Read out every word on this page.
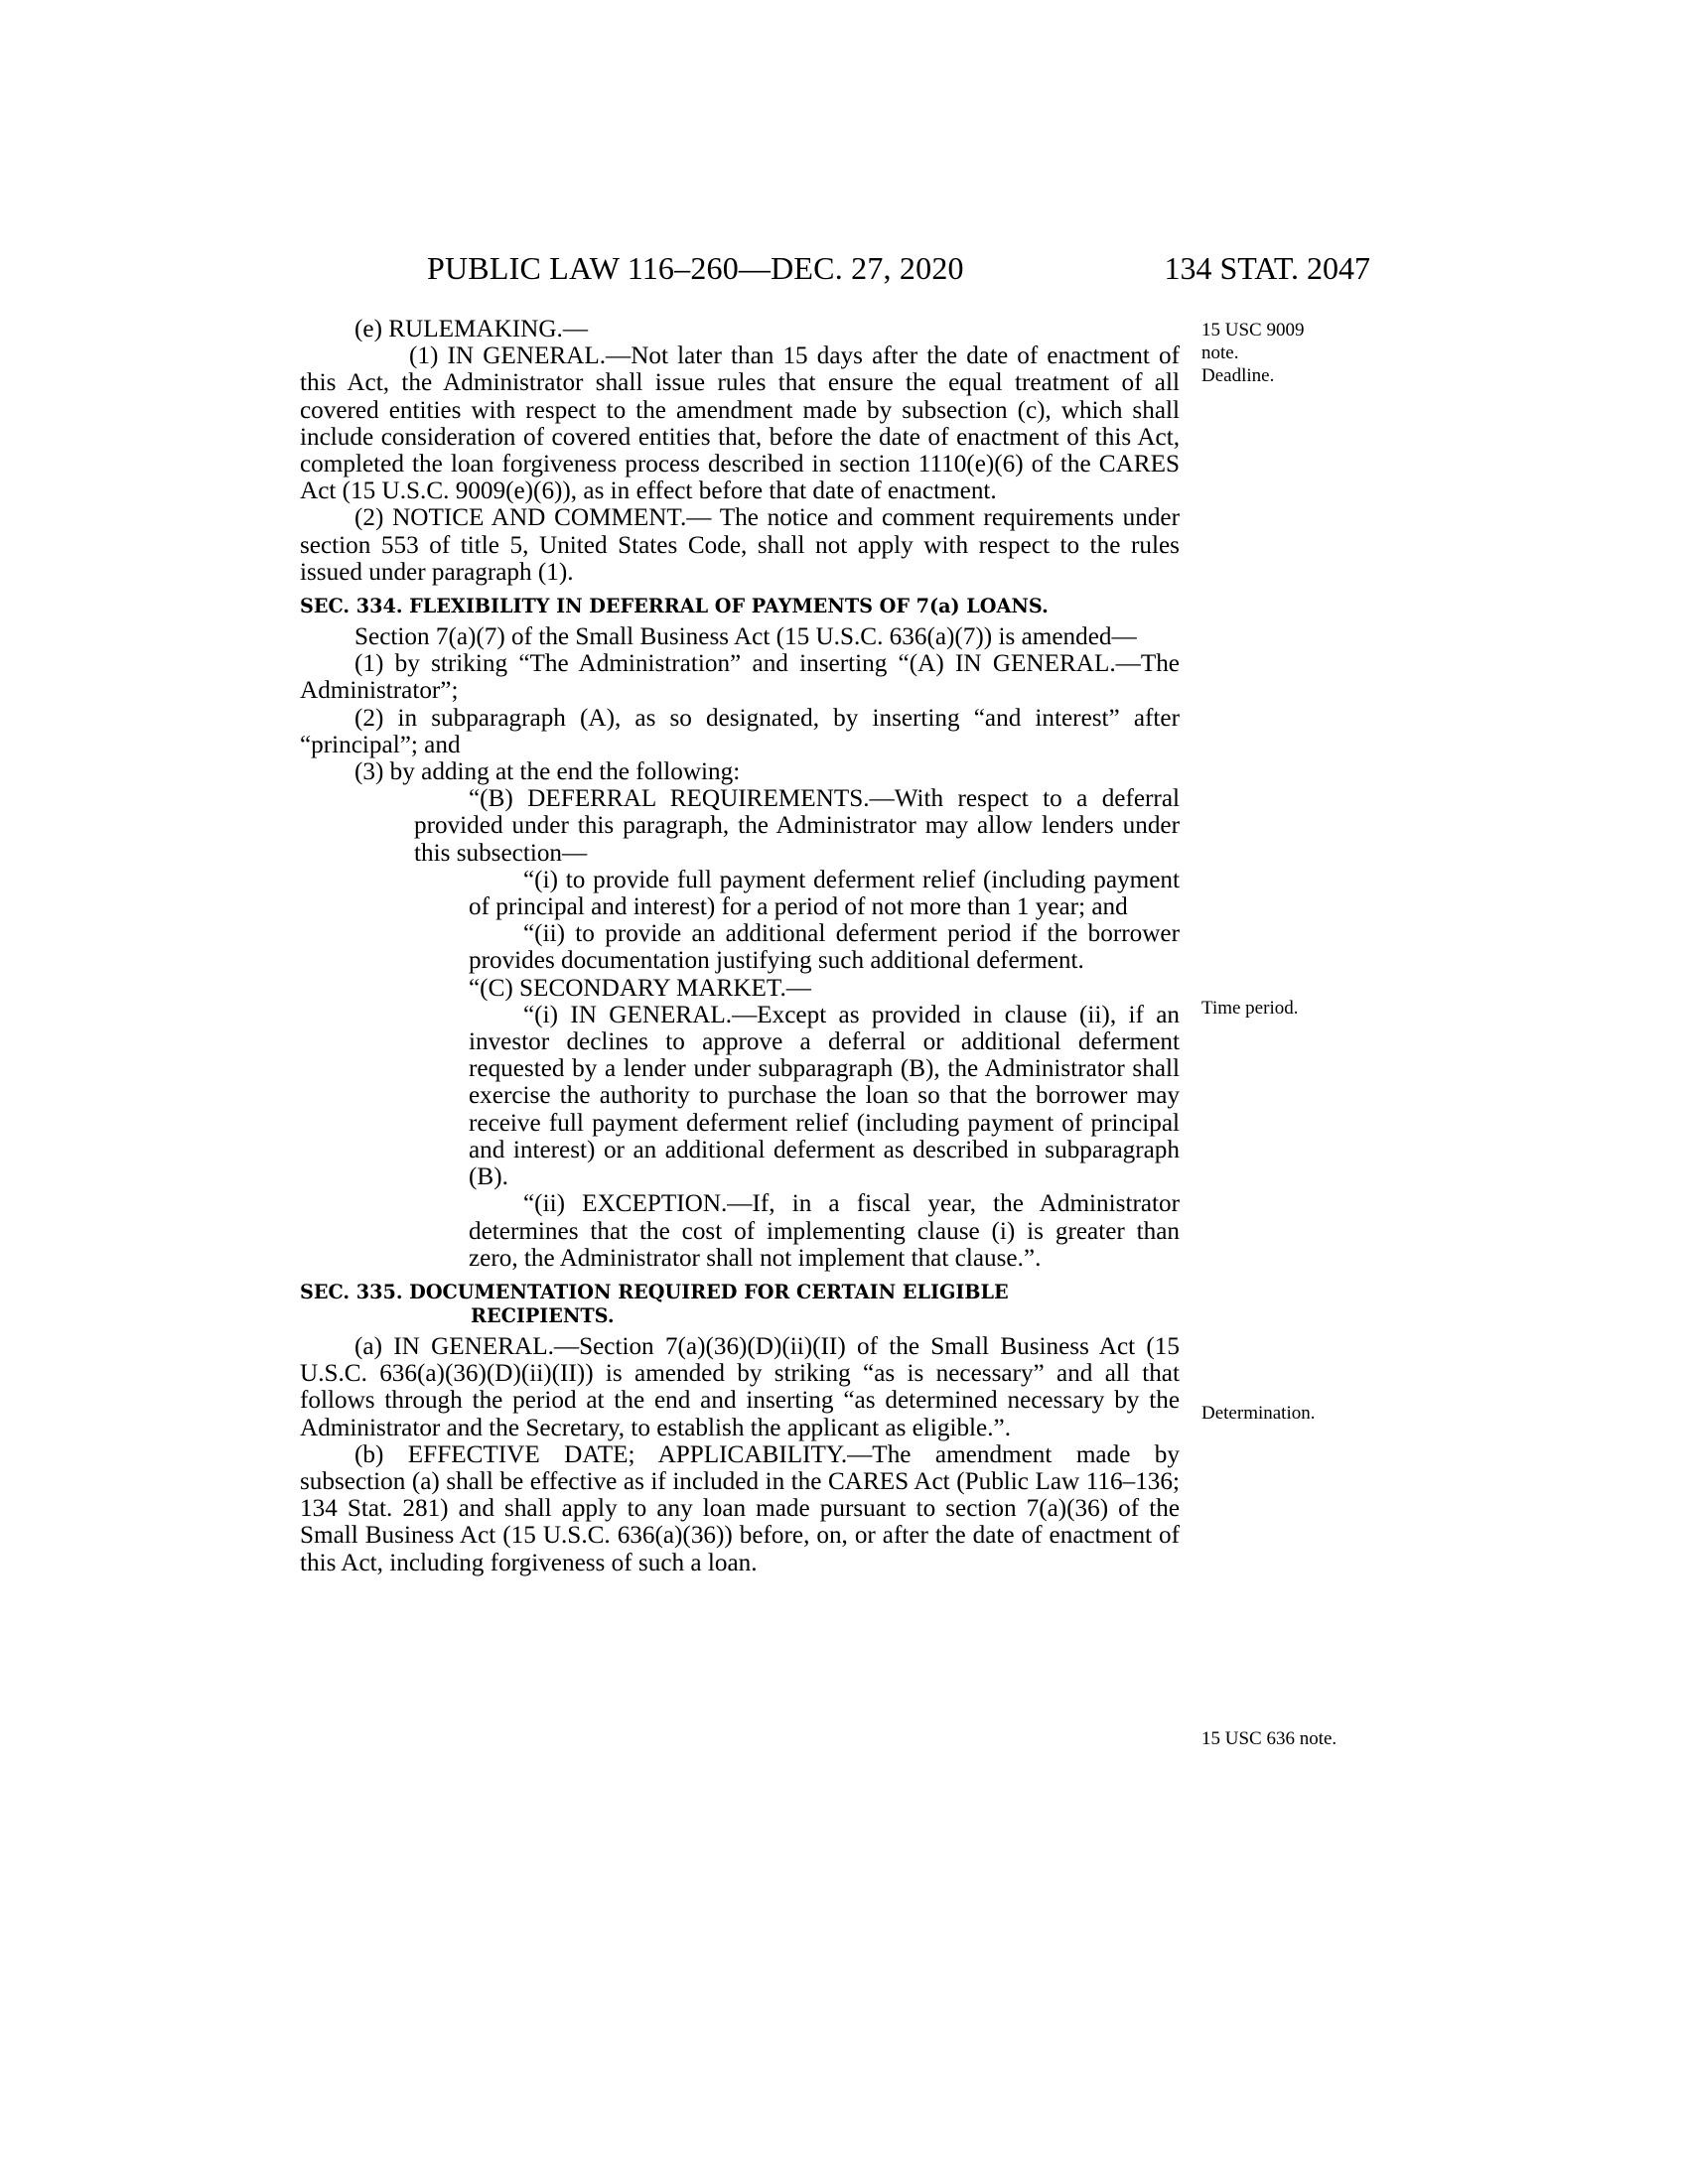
PUBLIC LAW 116–260—DEC. 27, 2020	134 STAT. 2047

(e) RULEMAKING.—

(1) IN GENERAL.—Not later than 15 days after the date of enactment of this Act, the Administrator shall issue rules that ensure the equal treatment of all covered entities with respect to the amendment made by subsection (c), which shall include consideration of covered entities that, before the date of enactment of this Act, completed the loan forgiveness process described in section 1110(e)(6) of the CARES Act (15 U.S.C. 9009(e)(6)), as in effect before that date of enactment.

(2) NOTICE AND COMMENT.— The notice and comment requirements under section 553 of title 5, United States Code, shall not apply with respect to the rules issued under paragraph (1).

SEC. 334. FLEXIBILITY IN DEFERRAL OF PAYMENTS OF 7(a) LOANS.

Section 7(a)(7) of the Small Business Act (15 U.S.C. 636(a)(7)) is amended—

(1) by striking “The Administration” and inserting “(A) IN GENERAL.—The Administrator”;

(2) in subparagraph (A), as so designated, by inserting “and interest” after “principal”; and

(3) by adding at the end the following:

“(B) DEFERRAL REQUIREMENTS.—With respect to a deferral provided under this paragraph, the Administrator may allow lenders under this subsection—

“(i) to provide full payment deferment relief (including payment of principal and interest) for a period of not more than 1 year; and

“(ii) to provide an additional deferment period if the borrower provides documentation justifying such additional deferment.

“(C) SECONDARY MARKET.—

“(i) IN GENERAL.—Except as provided in clause (ii), if an investor declines to approve a deferral or additional deferment requested by a lender under subparagraph (B), the Administrator shall exercise the authority to purchase the loan so that the borrower may receive full payment deferment relief (including payment of principal and interest) or an additional deferment as described in subparagraph (B).

“(ii) EXCEPTION.—If, in a fiscal year, the Administrator determines that the cost of implementing clause (i) is greater than zero, the Administrator shall not implement that clause.”.

SEC. 335. DOCUMENTATION REQUIRED FOR CERTAIN ELIGIBLE

RECIPIENTS.

(a) IN GENERAL.—Section 7(a)(36)(D)(ii)(II) of the Small Business Act (15 U.S.C. 636(a)(36)(D)(ii)(II)) is amended by striking “as is necessary” and all that follows through the period at the end and inserting “as determined necessary by the Administrator and the Secretary, to establish the applicant as eligible.”.

(b) EFFECTIVE DATE; APPLICABILITY.—The amendment made by subsection (a) shall be effective as if included in the CARES Act (Public Law 116–136; 134 Stat. 281) and shall apply to any loan made pursuant to section 7(a)(36) of the Small Business Act (15 U.S.C. 636(a)(36)) before, on, or after the date of enactment of this Act, including forgiveness of such a loan.

15 USC 9009
note.
Deadline.
Time period.
Determination.
15 USC 636 note.
